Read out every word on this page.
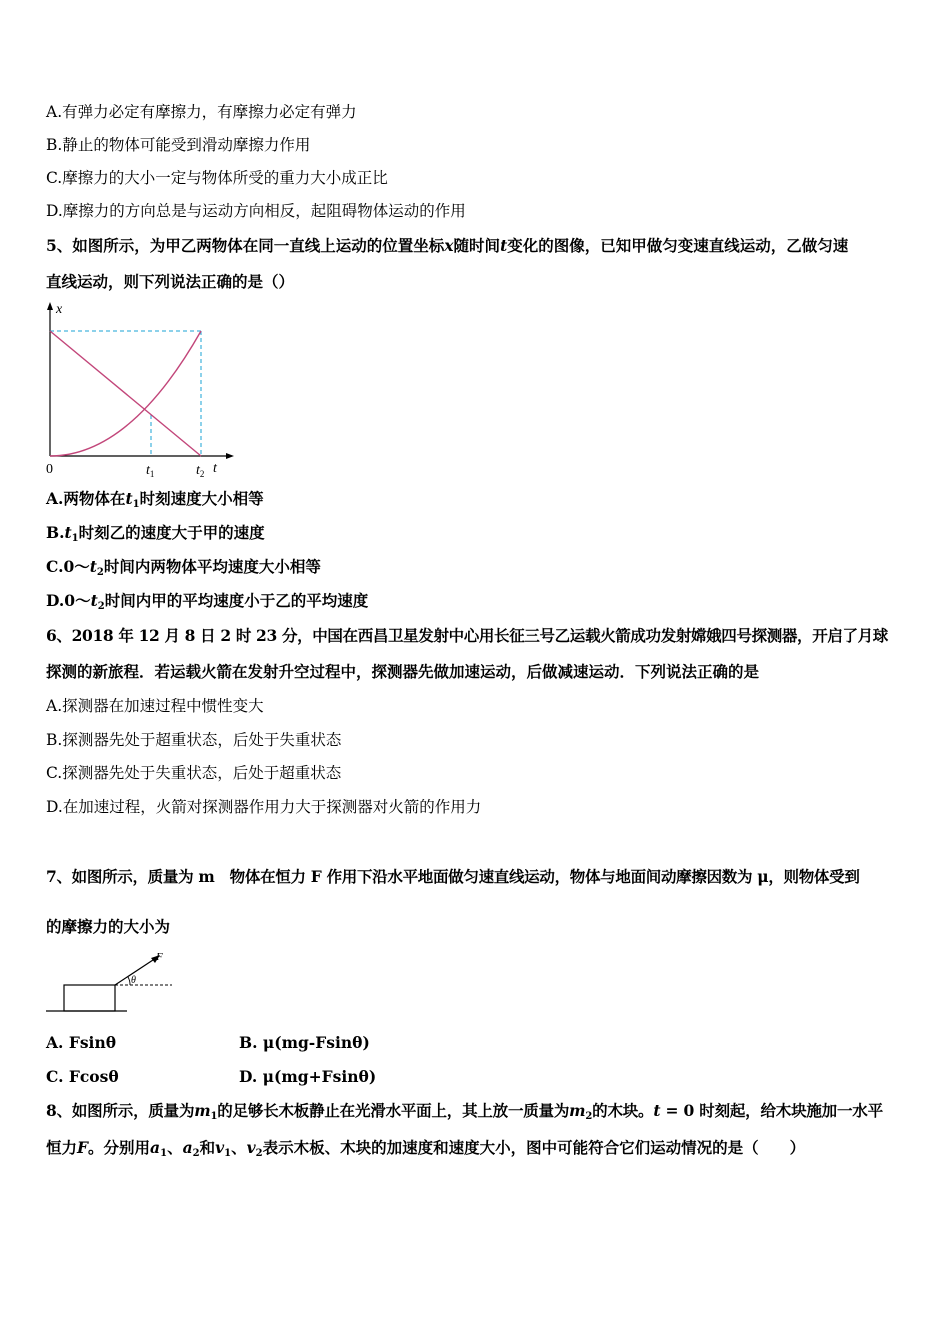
A.有弹力必定有摩擦力，有摩擦力必定有弹力
B.静止的物体可能受到滑动摩擦力作用
C.摩擦力的大小一定与物体所受的重力大小成正比
D.摩擦力的方向总是与运动方向相反，起阻碍物体运动的作用
5、如图所示，为甲乙两物体在同一直线上运动的位置坐标x随时间t变化的图像，已知甲做匀变速直线运动，乙做匀速
直线运动，则下列说法正确的是（）
x
0	$t_1$	$t_2$ t
A.两物体在$t_1$时刻速度大小相等
$B.t_1$时刻乙的速度大于甲的速度
$C.0\sim t_2$时间内两物体平均速度大小相等
$D.0\sim t_2$时间内甲的平均速度小于乙的平均速度
6、2018 年 12 月 8 日 2 时 23 分，中国在西昌卫星发射中心用长征三号乙运载火箭成功发射嫦娥四号探测器，开启了月球
探测的新旅程．若运载火箭在发射升空过程中，探测器先做加速运动，后做减速运动．下列说法正确的是
A.探测器在加速过程中惯性变大
B.探测器先处于超重状态，后处于失重状态
C.探测器先处于失重状态，后处于超重状态
D.在加速过程，火箭对探测器作用力大于探测器对火箭的作用力
7、如图所示，质量为 m　物体在恒力 F 作用下沿水平地面做匀速直线运动，物体与地面间动摩擦因数为 μ，则物体受到
的摩擦力的大小为
F
θ
A. Fsinθ	B. μ(mg-Fsinθ)
C. Fcosθ	D. μ(mg+Fsinθ)
8、如图所示，质量为$m_1$的足够长木板静止在光滑水平面上，其上放一质量为$m_2$的木块。t = 0 时刻起，给木块施加一水平
恒力F。分别用$a_1$、$a_2$和$v_1$、$v_2$表示木板、木块的加速度和速度大小，图中可能符合它们运动情况的是（　　）
